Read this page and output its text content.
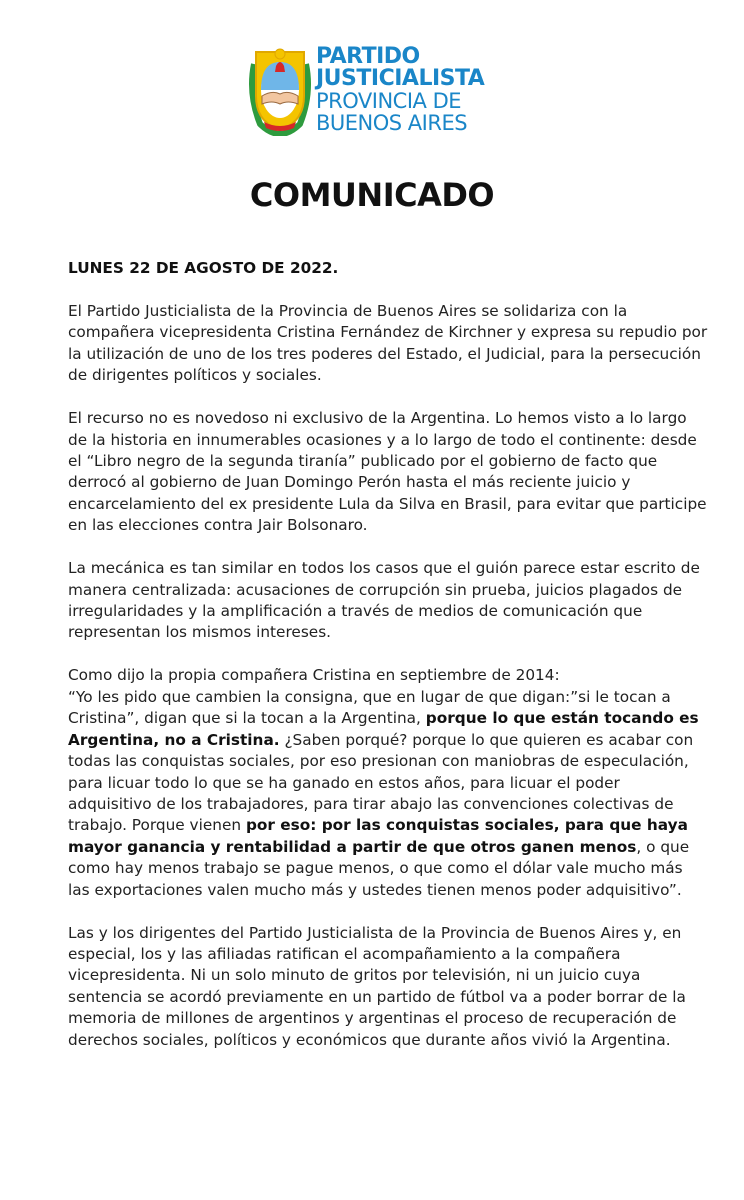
PARTIDO
JUSTICIALISTA
PROVINCIA DE
BUENOS AIRES
COMUNICADO
LUNES 22 DE AGOSTO DE 2022.

El Partido Justicialista de la Provincia de Buenos Aires se solidariza con la compañera vicepresidenta Cristina Fernández de Kirchner y expresa su repudio por la utilización de uno de los tres poderes del Estado, el Judicial, para la persecución de dirigentes políticos y sociales.

El recurso no es novedoso ni exclusivo de la Argentina. Lo hemos visto a lo largo de la historia en innumerables ocasiones y a lo largo de todo el continente: desde el “Libro negro de la segunda tiranía” publicado por el gobierno de facto que derrocó al gobierno de Juan Domingo Perón hasta el más reciente juicio y encarcelamiento del ex presidente Lula da Silva en Brasil, para evitar que participe en las elecciones contra Jair Bolsonaro.

La mecánica es tan similar en todos los casos que el guión parece estar escrito de manera centralizada: acusaciones de corrupción sin prueba, juicios plagados de irregularidades y la amplificación a través de medios de comunicación que representan los mismos intereses.

Como dijo la propia compañera Cristina en septiembre de 2014:
“Yo les pido que cambien la consigna, que en lugar de que digan:”si le tocan a Cristina”, digan que si la tocan a la Argentina, porque lo que están tocando es Argentina, no a Cristina. ¿Saben porqué? porque lo que quieren es acabar con todas las conquistas sociales, por eso presionan con maniobras de especulación, para licuar todo lo que se ha ganado en estos años, para licuar el poder adquisitivo de los trabajadores, para tirar abajo las convenciones colectivas de trabajo. Porque vienen por eso: por las conquistas sociales, para que haya mayor ganancia y rentabilidad a partir de que otros ganen menos, o que como hay menos trabajo se pague menos, o que como el dólar vale mucho más las exportaciones valen mucho más y ustedes tienen menos poder adquisitivo”.

Las y los dirigentes del Partido Justicialista de la Provincia de Buenos Aires y, en especial, los y las afiliadas ratifican el acompañamiento a la compañera vicepresidenta. Ni un solo minuto de gritos por televisión, ni un juicio cuya sentencia se acordó previamente en un partido de fútbol va a poder borrar de la memoria de millones de argentinos y argentinas el proceso de recuperación de derechos sociales, políticos y económicos que durante años vivió la Argentina.
